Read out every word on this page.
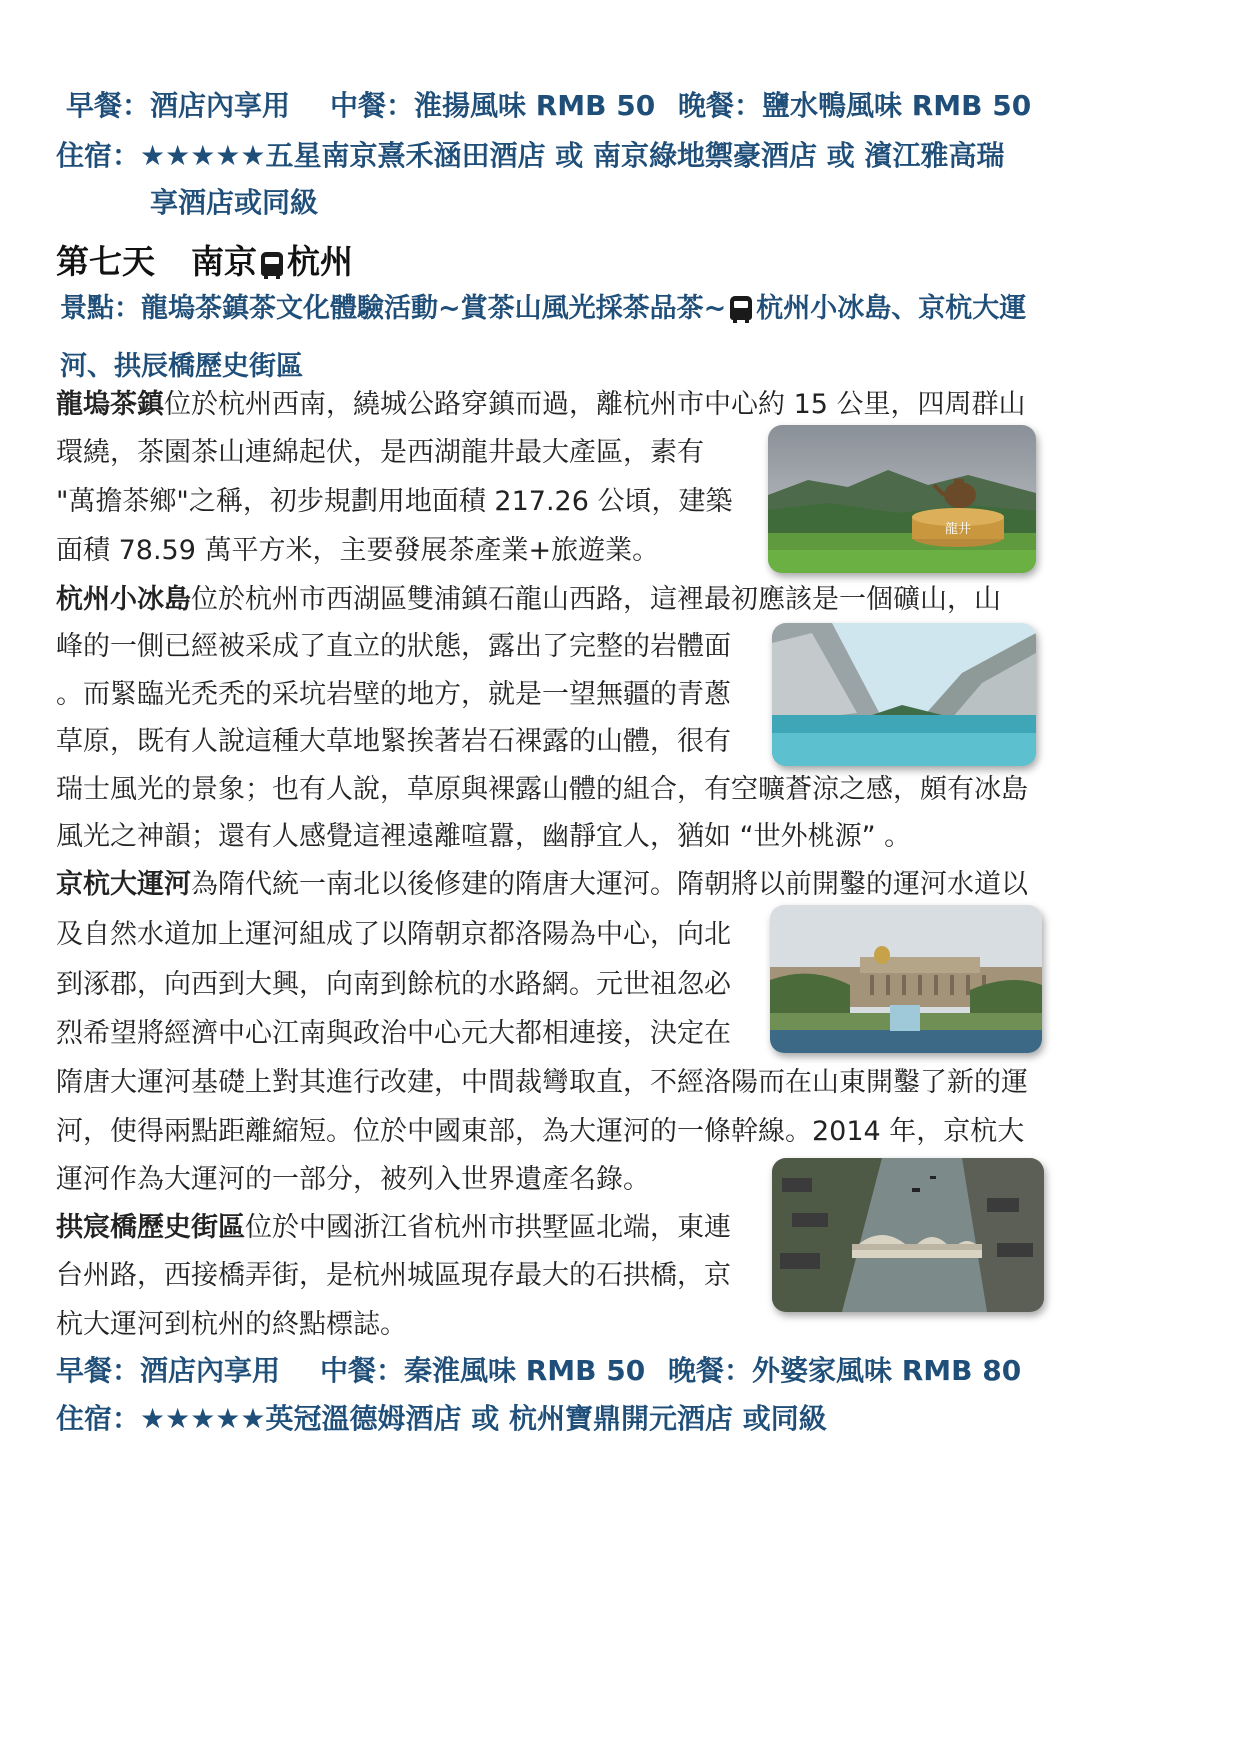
早餐：酒店內享用 中餐：淮揚風味 RMB 50 晚餐：鹽水鴨風味 RMB 50
住宿：★★★★★五星南京熹禾涵田酒店 或 南京綠地禦豪酒店 或 濱江雅高瑞
享酒店或同級
第七天 南京 杭州
景點：龍塢茶鎮茶文化體驗活動~賞茶山風光採茶品茶~ 杭州小冰島、京杭大運
河、拱辰橋歷史街區
龍塢茶鎮位於杭州西南，繞城公路穿鎮而過，離杭州市中心約 15 公里，四周群山
環繞，茶園茶山連綿起伏，是西湖龍井最大產區，素有
"萬擔茶鄉"之稱，初步規劃用地面積 217.26 公頃，建築
面積 78.59 萬平方米，主要發展茶產業+旅遊業。
龍井
杭州小冰島位於杭州市西湖區雙浦鎮石龍山西路，這裡最初應該是一個礦山，山
峰的一側已經被采成了直立的狀態，露出了完整的岩體面
。而緊臨光禿禿的采坑岩壁的地方，就是一望無疆的青蔥
草原，既有人說這種大草地緊挨著岩石裸露的山體，很有
瑞士風光的景象；也有人說，草原與裸露山體的組合，有空曠蒼涼之感，頗有冰島
風光之神韻；還有人感覺這裡遠離喧囂，幽靜宜人，猶如 “世外桃源” 。
京杭大運河為隋代統一南北以後修建的隋唐大運河。隋朝將以前開鑿的運河水道以
及自然水道加上運河組成了以隋朝京都洛陽為中心，向北
到涿郡，向西到大興，向南到餘杭的水路網。元世祖忽必
烈希望將經濟中心江南與政治中心元大都相連接，決定在
隋唐大運河基礎上對其進行改建，中間裁彎取直，不經洛陽而在山東開鑿了新的運
河，使得兩點距離縮短。位於中國東部，為大運河的一條幹線。2014 年，京杭大
運河作為大運河的一部分，被列入世界遺產名錄。
拱宸橋歷史街區位於中國浙江省杭州市拱墅區北端，東連
台州路，西接橋弄街，是杭州城區現存最大的石拱橋，京
杭大運河到杭州的終點標誌。
早餐：酒店內享用 中餐：秦淮風味 RMB 50 晚餐：外婆家風味 RMB 80
住宿：★★★★★英冠溫德姆酒店 或 杭州寶鼎開元酒店 或同級
